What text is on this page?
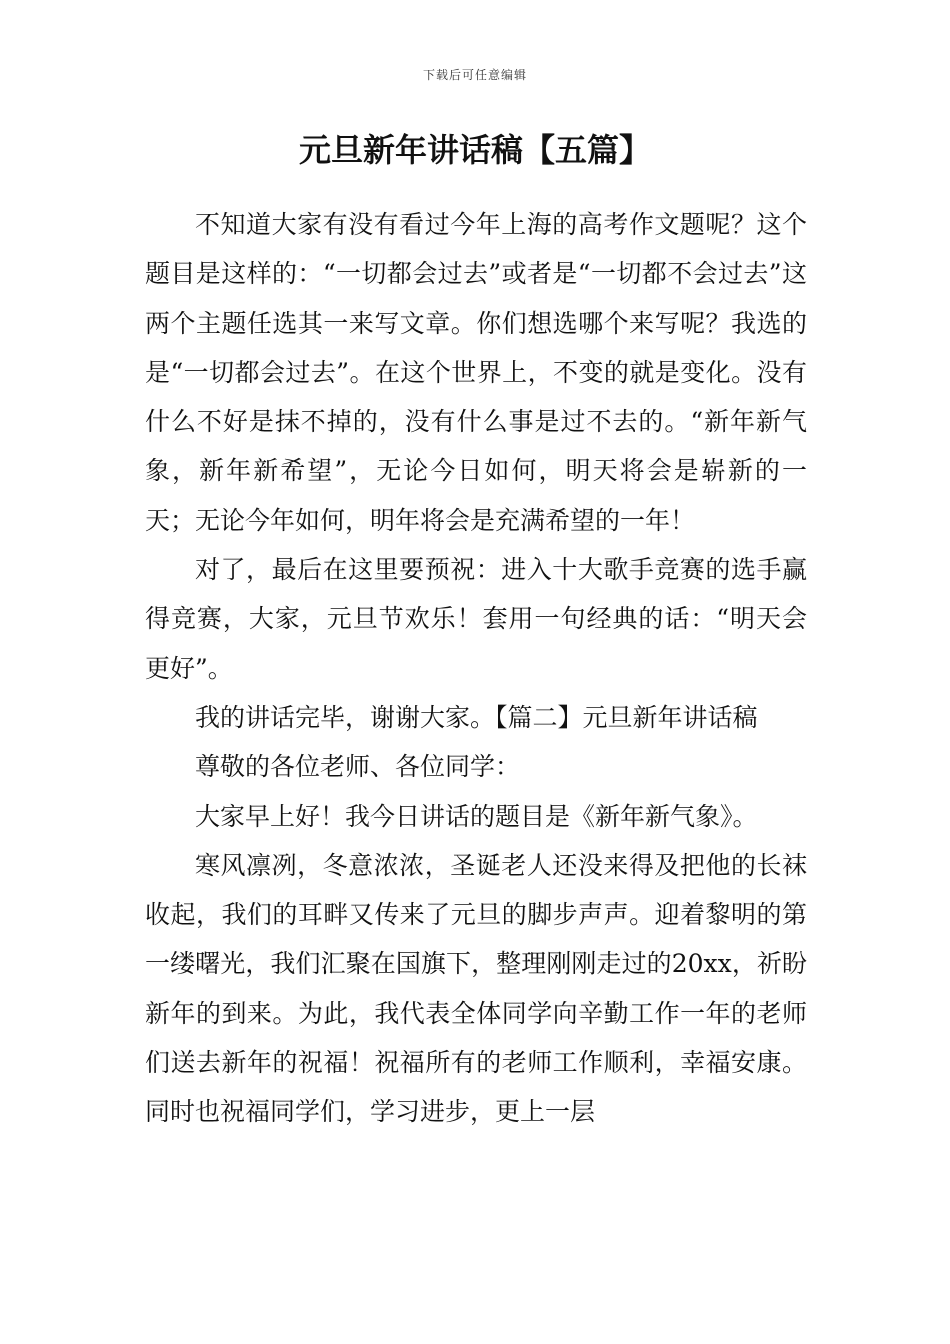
下载后可任意编辑
元旦新年讲话稿【五篇】

不知道大家有没有看过今年上海的高考作文题呢？这个题目是这样的：“一切都会过去”或者是“一切都不会过去”这两个主题任选其一来写文章。你们想选哪个来写呢？我选的是“一切都会过去”。在这个世界上，不变的就是变化。没有什么不好是抹不掉的，没有什么事是过不去的。“新年新气象，新年新希望”，无论今日如何，明天将会是崭新的一天；无论今年如何，明年将会是充满希望的一年！

对了，最后在这里要预祝：进入十大歌手竞赛的选手赢得竞赛，大家，元旦节欢乐！套用一句经典的话：“明天会更好”。

我的讲话完毕，谢谢大家。【篇二】元旦新年讲话稿

尊敬的各位老师、各位同学：

大家早上好！我今日讲话的题目是《新年新气象》。

寒风凛冽，冬意浓浓，圣诞老人还没来得及把他的长袜收起，我们的耳畔又传来了元旦的脚步声声。迎着黎明的第一缕曙光，我们汇聚在国旗下，整理刚刚走过的20xx，祈盼新年的到来。为此，我代表全体同学向辛勤工作一年的老师们送去新年的祝福！祝福所有的老师工作顺利，幸福安康。同时也祝福同学们，学习进步，更上一层
